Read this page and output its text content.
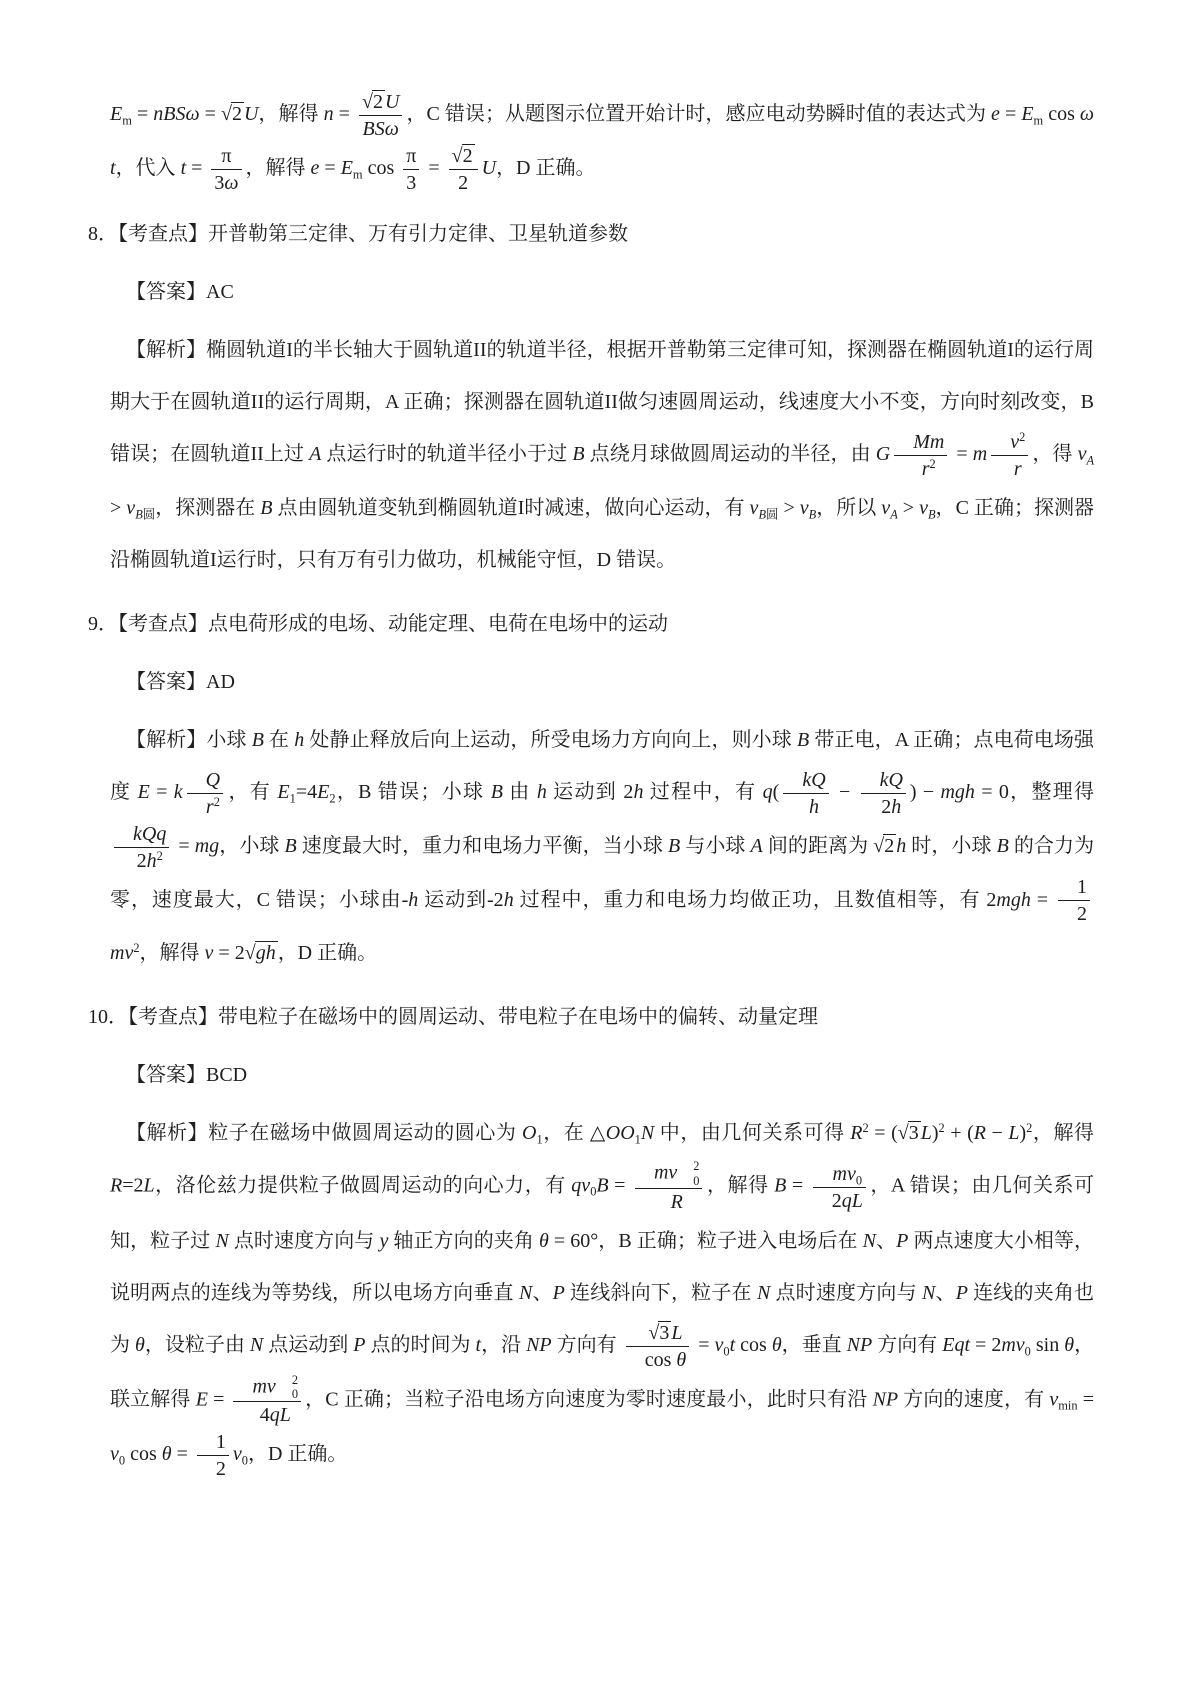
$E_m = nBS\omega = √2$ U，解得 $n = \frac{√2 U}{\text{BSω}}$ ，C 错误；从题图示位置开始计时，感应电动势瞬时值的表达式为 $e = E_m$ cos ω t，代入 $t = \frac{\pi}{3\omega}$ ，解得 $e = E_m$ $\cos \frac{\pi}{3} = \frac{√2}{2}$ U，D 正确。

8．【考查点】开普勒第三定律、万有引力定律、卫星轨道参数

【答案】AC

【解析】椭圆轨道I的半长轴大于圆轨道II的轨道半径，根据开普勒第三定律可知，探测器在椭圆轨道I的运行周期大于在圆轨道II的运行周期，A 正确；探测器在圆轨道II做匀速圆周运动，线速度大小不变，方向时刻改变，B 错误；在圆轨道II上过 A 点运行时的轨道半径小于过 B 点绕月球做圆周运动的半径，由 G $\frac{Mm}{r^2} = m \frac{v^2}{r}$ ，得 $v_A > v_{B圆}$，探测器在 B 点由圆轨道变轨到椭圆轨道I时减速，做向心运动，有 $v_{B圆} > v_B$，所以 $v_A > v_B$，C 正确；探测器沿椭圆轨道I运行时，只有万有引力做功，机械能守恒，D 错误。

9．【考查点】点电荷形成的电场、动能定理、电荷在电场中的运动

【答案】AD

【解析】小球 B 在 h 处静止释放后向上运动，所受电场力方向向上，则小球 B 带正电，A 正确；点电荷电场强度 E = k $\frac{Q}{r^2}$ ，有 $E_1=4E_2$，B 错误；小球 B 由 h 运动到 2h 过程中，有 $q( \frac{kQ}{h} - \frac{kQ}{2h}$ ) − mgh = 0，整理得
$\frac{\text{kQq}}{2h^2}$ = mg，小球 B 速度最大时，重力和电场力平衡，当小球 B 与小球 A 间的距离为 √2 h 时，小球 B 的合力为零，速度最大，C 错误；小球由-h 运动到-2h 过程中，重力和电场力均做正功，且数值相等，有 $2mgh = \frac{1}{2}$
$mv^2$，解得 v = 2√gh ，D 正确。

10．【考查点】带电粒子在磁场中的圆周运动、带电粒子在电场中的偏转、动量定理

【答案】BCD

【解析】粒子在磁场中做圆周运动的圆心为 $O_1$，在 $\triangle OO_1N$ 中，由几何关系可得 $R^2 = (√3$ $L)^2 + (R - L)^2$，解得 R=2L，洛伦兹力提供粒子做圆周运动的向心力，有 $qv_0B$ = mv	2
0
R ，解得 $B = \frac{mv_0}{2qL}$ ，A 错误；由几何关系可知，粒子过 N 点时速度方向与 y 轴正方向的夹角 θ = 60°，B 正确；粒子进入电场后在 N、P 两点速度大小相等，说明两点的连线为等势线，所以电场方向垂直 N、P 连线斜向下，粒子在 N 点时速度方向与 N、P 连线的夹角也为 θ，设粒子由 N 点运动到 P 点的时间为 t，沿 NP 方向有 $\frac{√3 L}{\text{cos θ}} = v_0t$ cos θ，垂直 NP 方向有 Eqt = $2mv_0$ sin θ，联立解得 E = mv	2
0
4qL ，C 正确；当粒子沿电场方向速度为零时速度最小，此时只有沿 NP 方向的速度，有 $v_{min} = v_0$ $\cos \theta = \frac{1}{2} v_0$，D 正确。
